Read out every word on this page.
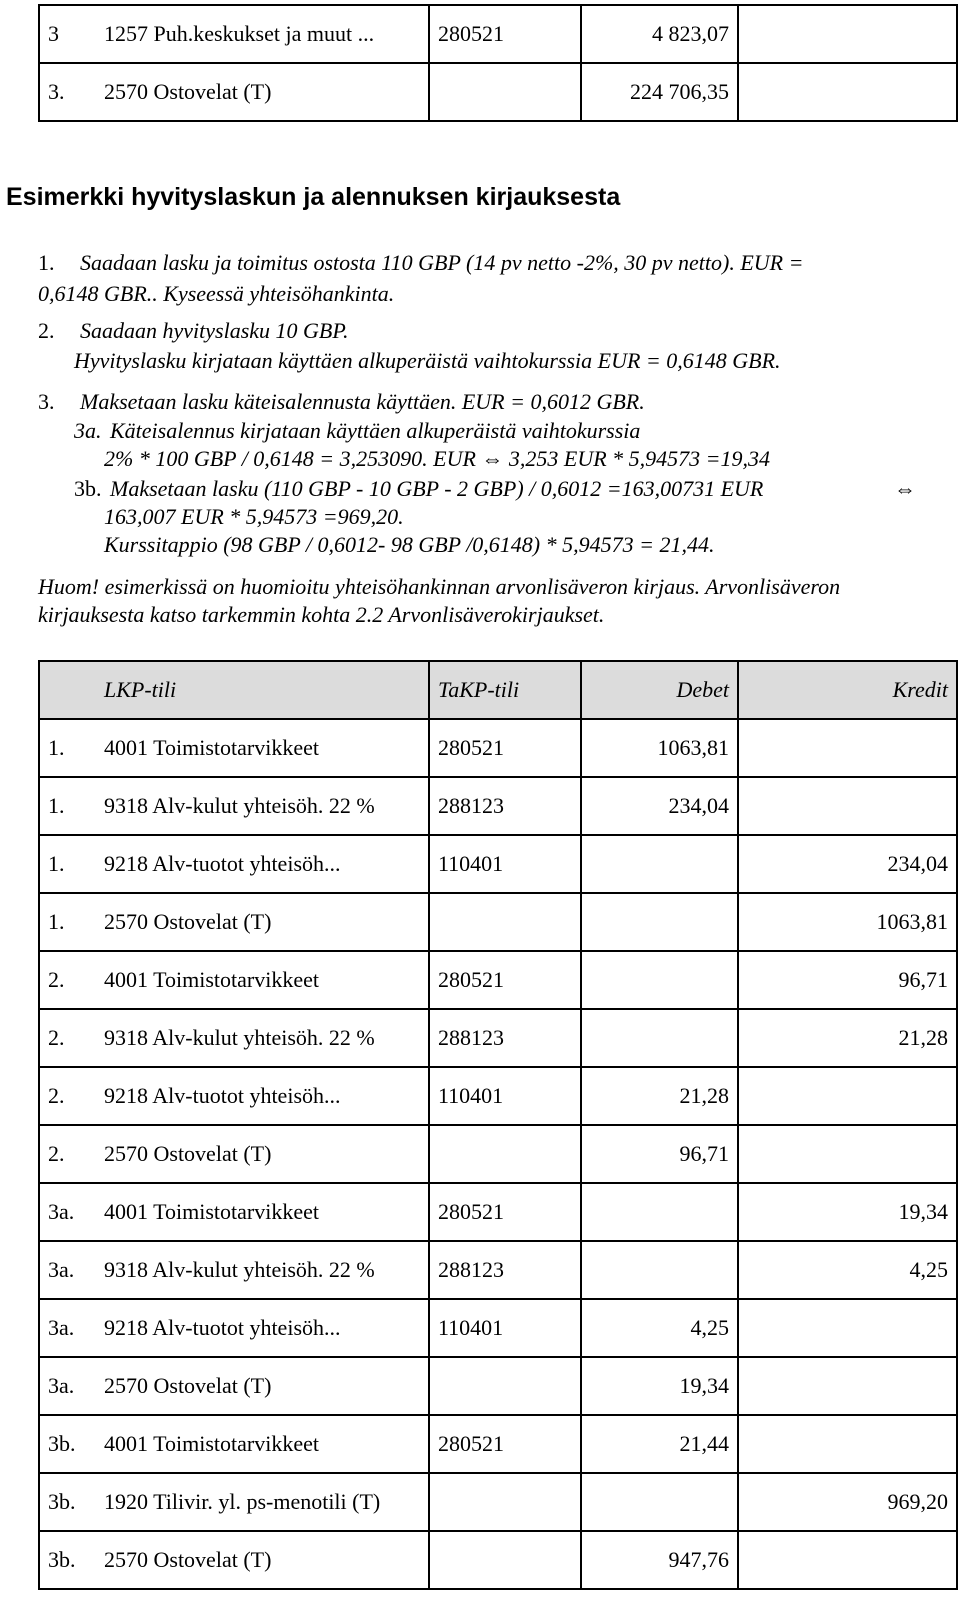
3	1257 Puh.keskukset ja muut ...	280521	4 823,07	
3.	2570 Ostovelat (T)		224 706,35	
Esimerkki hyvityslaskun ja alennuksen kirjauksesta
1. Saadaan lasku ja toimitus ostosta 110 GBP (14 pv netto -2%, 30 pv netto). EUR =
0,6148 GBR.. Kyseessä yhteisöhankinta.
2. Saadaan hyvityslasku 10 GBP.
Hyvityslasku kirjataan käyttäen alkuperäistä vaihtokurssia EUR = 0,6148 GBR.
3. Maksetaan lasku käteisalennusta käyttäen. EUR = 0,6012 GBR.
3a. Käteisalennus kirjataan käyttäen alkuperäistä vaihtokurssia
2% * 100 GBP / 0,6148 = 3,253090. EUR ⇔ 3,253 EUR * 5,94573 =19,34
3b. Maksetaan lasku (110 GBP - 10 GBP - 2 GBP) / 0,6012 =163,00731 EUR	⇔
163,007 EUR * 5,94573 =969,20.
Kurssitappio (98 GBP / 0,6012- 98 GBP /0,6148) * 5,94573 = 21,44.
Huom! esimerkissä on huomioitu yhteisöhankinnan arvonlisäveron kirjaus. Arvonlisäveron
kirjauksesta katso tarkemmin kohta 2.2 Arvonlisäverokirjaukset.
	LKP-tili	TaKP-tili	Debet	Kredit
1.	4001 Toimistotarvikkeet	280521	1063,81	
1.	9318 Alv-kulut yhteisöh. 22 %	288123	234,04	
1.	9218 Alv-tuotot yhteisöh...	110401		234,04
1.	2570 Ostovelat (T)			1063,81
2.	4001 Toimistotarvikkeet	280521		96,71
2.	9318 Alv-kulut yhteisöh. 22 %	288123		21,28
2.	9218 Alv-tuotot yhteisöh...	110401	21,28	
2.	2570 Ostovelat (T)		96,71	
3a.	4001 Toimistotarvikkeet	280521		19,34
3a.	9318 Alv-kulut yhteisöh. 22 %	288123		4,25
3a.	9218 Alv-tuotot yhteisöh...	110401	4,25	
3a.	2570 Ostovelat (T)		19,34	
3b.	4001 Toimistotarvikkeet	280521	21,44	
3b.	1920 Tilivir. yl. ps-menotili (T)			969,20
3b.	2570 Ostovelat (T)		947,76	
